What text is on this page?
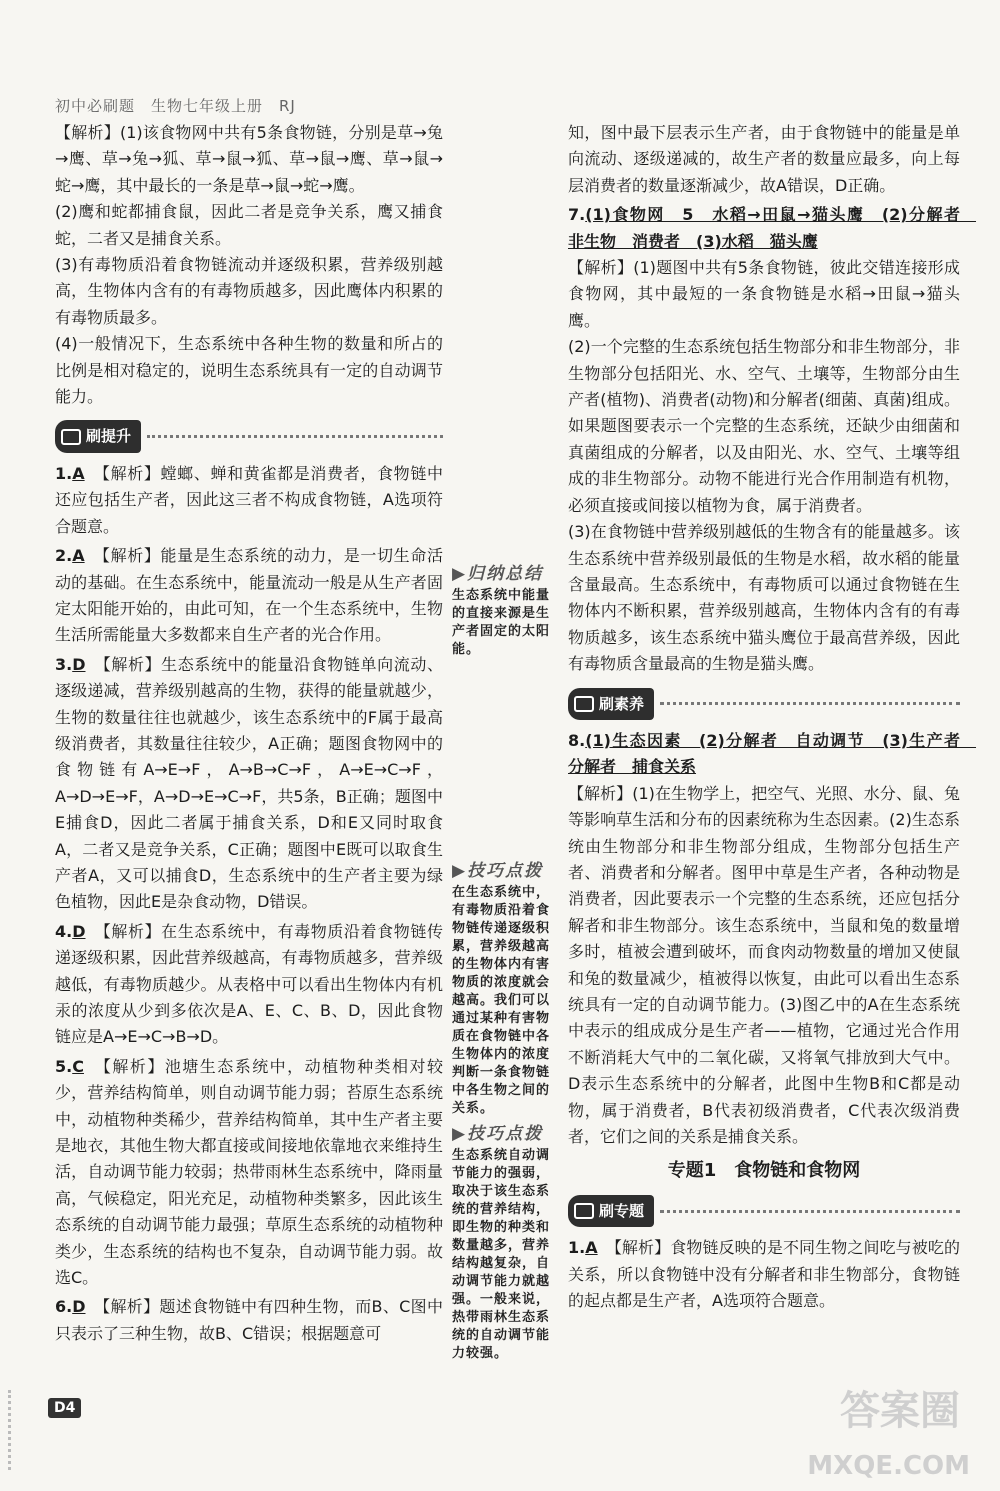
初中必刷题　生物七年级上册　RJ

【解析】(1)该食物网中共有5条食物链，分别是草→兔→鹰、草→兔→狐、草→鼠→狐、草→鼠→鹰、草→鼠→蛇→鹰，其中最长的一条是草→鼠→蛇→鹰。

(2)鹰和蛇都捕食鼠，因此二者是竞争关系，鹰又捕食蛇，二者又是捕食关系。

(3)有毒物质沿着食物链流动并逐级积累，营养级别越高，生物体内含有的有毒物质越多，因此鹰体内积累的有毒物质最多。

(4)一般情况下，生态系统中各种生物的数量和所占的比例是相对稳定的，说明生态系统具有一定的自动调节能力。

刷提升

1.A　 【解析】螳螂、蝉和黄雀都是消费者，食物链中还应包括生产者，因此这三者不构成食物链，A选项符合题意。

2.A　 【解析】能量是生态系统的动力，是一切生命活动的基础。在生态系统中，能量流动一般是从生产者固定太阳能开始的，由此可知，在一个生态系统中，生物生活所需能量大多数都来自生产者的光合作用。

3.D　 【解析】生态系统中的能量沿食物链单向流动、逐级递减，营养级别越高的生物，获得的能量就越少，生物的数量往往也就越少，该生态系统中的F属于最高级消费者，其数量往往较少，A正确；题图食物网中的食物链有A→E→F，A→B→C→F，A→E→C→F，A→D→E→F，A→D→E→C→F，共5条，B正确；题图中E捕食D，因此二者属于捕食关系，D和E又同时取食A，二者又是竞争关系，C正确；题图中E既可以取食生产者A，又可以捕食D，生态系统中的生产者主要为绿色植物，因此E是杂食动物，D错误。

4.D　 【解析】在生态系统中，有毒物质沿着食物链传递逐级积累，因此营养级越高，有毒物质越多，营养级越低，有毒物质越少。从表格中可以看出生物体内有机汞的浓度从少到多依次是A、E、C、B、D，因此食物链应是A→E→C→B→D。

5.C　 【解析】池塘生态系统中，动植物种类相对较少，营养结构简单，则自动调节能力弱；苔原生态系统中，动植物种类稀少，营养结构简单，其中生产者主要是地衣，其他生物大都直接或间接地依靠地衣来维持生活，自动调节能力较弱；热带雨林生态系统中，降雨量高，气候稳定，阳光充足，动植物种类繁多，因此该生态系统的自动调节能力最强；草原生态系统的动植物种类少，生态系统的结构也不复杂，自动调节能力弱。故选C。

6.D　 【解析】题述食物链中有四种生物，而B、C图中只表示了三种生物，故B、C错误；根据题意可

▶归纳总结
生态系统中能量的直接来源是生产者固定的太阳能。
▶技巧点拨
在生态系统中，有毒物质沿着食物链传递逐级积累，营养级越高的生物体内有害物质的浓度就会越高。我们可以通过某种有害物质在食物链中各生物体内的浓度判断一条食物链中各生物之间的关系。
▶技巧点拨
生态系统自动调节能力的强弱，取决于该生态系统的营养结构，即生物的种类和数量越多，营养结构越复杂，自动调节能力就越强。一般来说，热带雨林生态系统的自动调节能力较强。

知，图中最下层表示生产者，由于食物链中的能量是单向流动、逐级递减的，故生产者的数量应最多，向上每层消费者的数量逐渐减少，故A错误，D正确。

7.(1)食物网　5　水稻→田鼠→猫头鹰　(2)分解者　非生物　消费者　(3)水稻　猫头鹰

【解析】(1)题图中共有5条食物链，彼此交错连接形成食物网，其中最短的一条食物链是水稻→田鼠→猫头鹰。

(2)一个完整的生态系统包括生物部分和非生物部分，非生物部分包括阳光、水、空气、土壤等，生物部分由生产者(植物)、消费者(动物)和分解者(细菌、真菌)组成。如果题图要表示一个完整的生态系统，还缺少由细菌和真菌组成的分解者，以及由阳光、水、空气、土壤等组成的非生物部分。动物不能进行光合作用制造有机物，必须直接或间接以植物为食，属于消费者。

(3)在食物链中营养级别越低的生物含有的能量越多。该生态系统中营养级别最低的生物是水稻，故水稻的能量含量最高。生态系统中，有毒物质可以通过食物链在生物体内不断积累，营养级别越高，生物体内含有的有毒物质越多，该生态系统中猫头鹰位于最高营养级，因此有毒物质含量最高的生物是猫头鹰。

刷素养

8.(1)生态因素　(2)分解者　自动调节　(3)生产者　分解者　捕食关系

【解析】(1)在生物学上，把空气、光照、水分、鼠、兔等影响草生活和分布的因素统称为生态因素。(2)生态系统由生物部分和非生物部分组成，生物部分包括生产者、消费者和分解者。图甲中草是生产者，各种动物是消费者，因此要表示一个完整的生态系统，还应包括分解者和非生物部分。该生态系统中，当鼠和兔的数量增多时，植被会遭到破坏，而食肉动物数量的增加又使鼠和兔的数量减少，植被得以恢复，由此可以看出生态系统具有一定的自动调节能力。(3)图乙中的A在生态系统中表示的组成成分是生产者——植物，它通过光合作用不断消耗大气中的二氧化碳，又将氧气排放到大气中。D表示生态系统中的分解者，此图中生物B和C都是动物，属于消费者，B代表初级消费者，C代表次级消费者，它们之间的关系是捕食关系。

专题1　食物链和食物网
刷专题

1.A　 【解析】食物链反映的是不同生物之间吃与被吃的关系，所以食物链中没有分解者和非生物部分，食物链的起点都是生产者，A选项符合题意。

D4	答案圈
MXQE.COM
